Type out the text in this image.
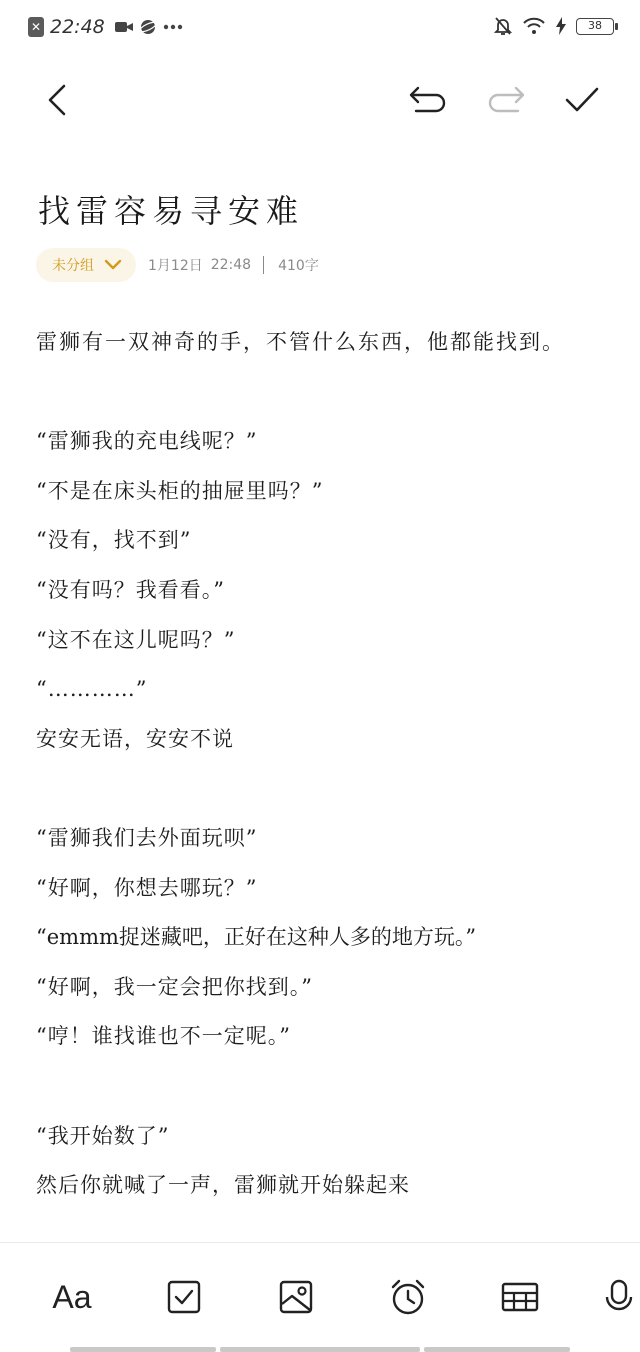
✕ 22:48	38
找雷容易寻安难
未分组	1月12日 22:48 410字
雷狮有一双神奇的手，不管什么东西，他都能找到。
“雷狮我的充电线呢？”
“不是在床头柜的抽屉里吗？”
“没有，找不到”
“没有吗？我看看。”
“这不在这儿呢吗？”
“…………”
安安无语，安安不说
“雷狮我们去外面玩呗”
“好啊，你想去哪玩？”
“emmm捉迷藏吧，正好在这种人多的地方玩。”
“好啊，我一定会把你找到。”
“哼！谁找谁也不一定呢。”
“我开始数了”
然后你就喊了一声，雷狮就开始躲起来
Aa
